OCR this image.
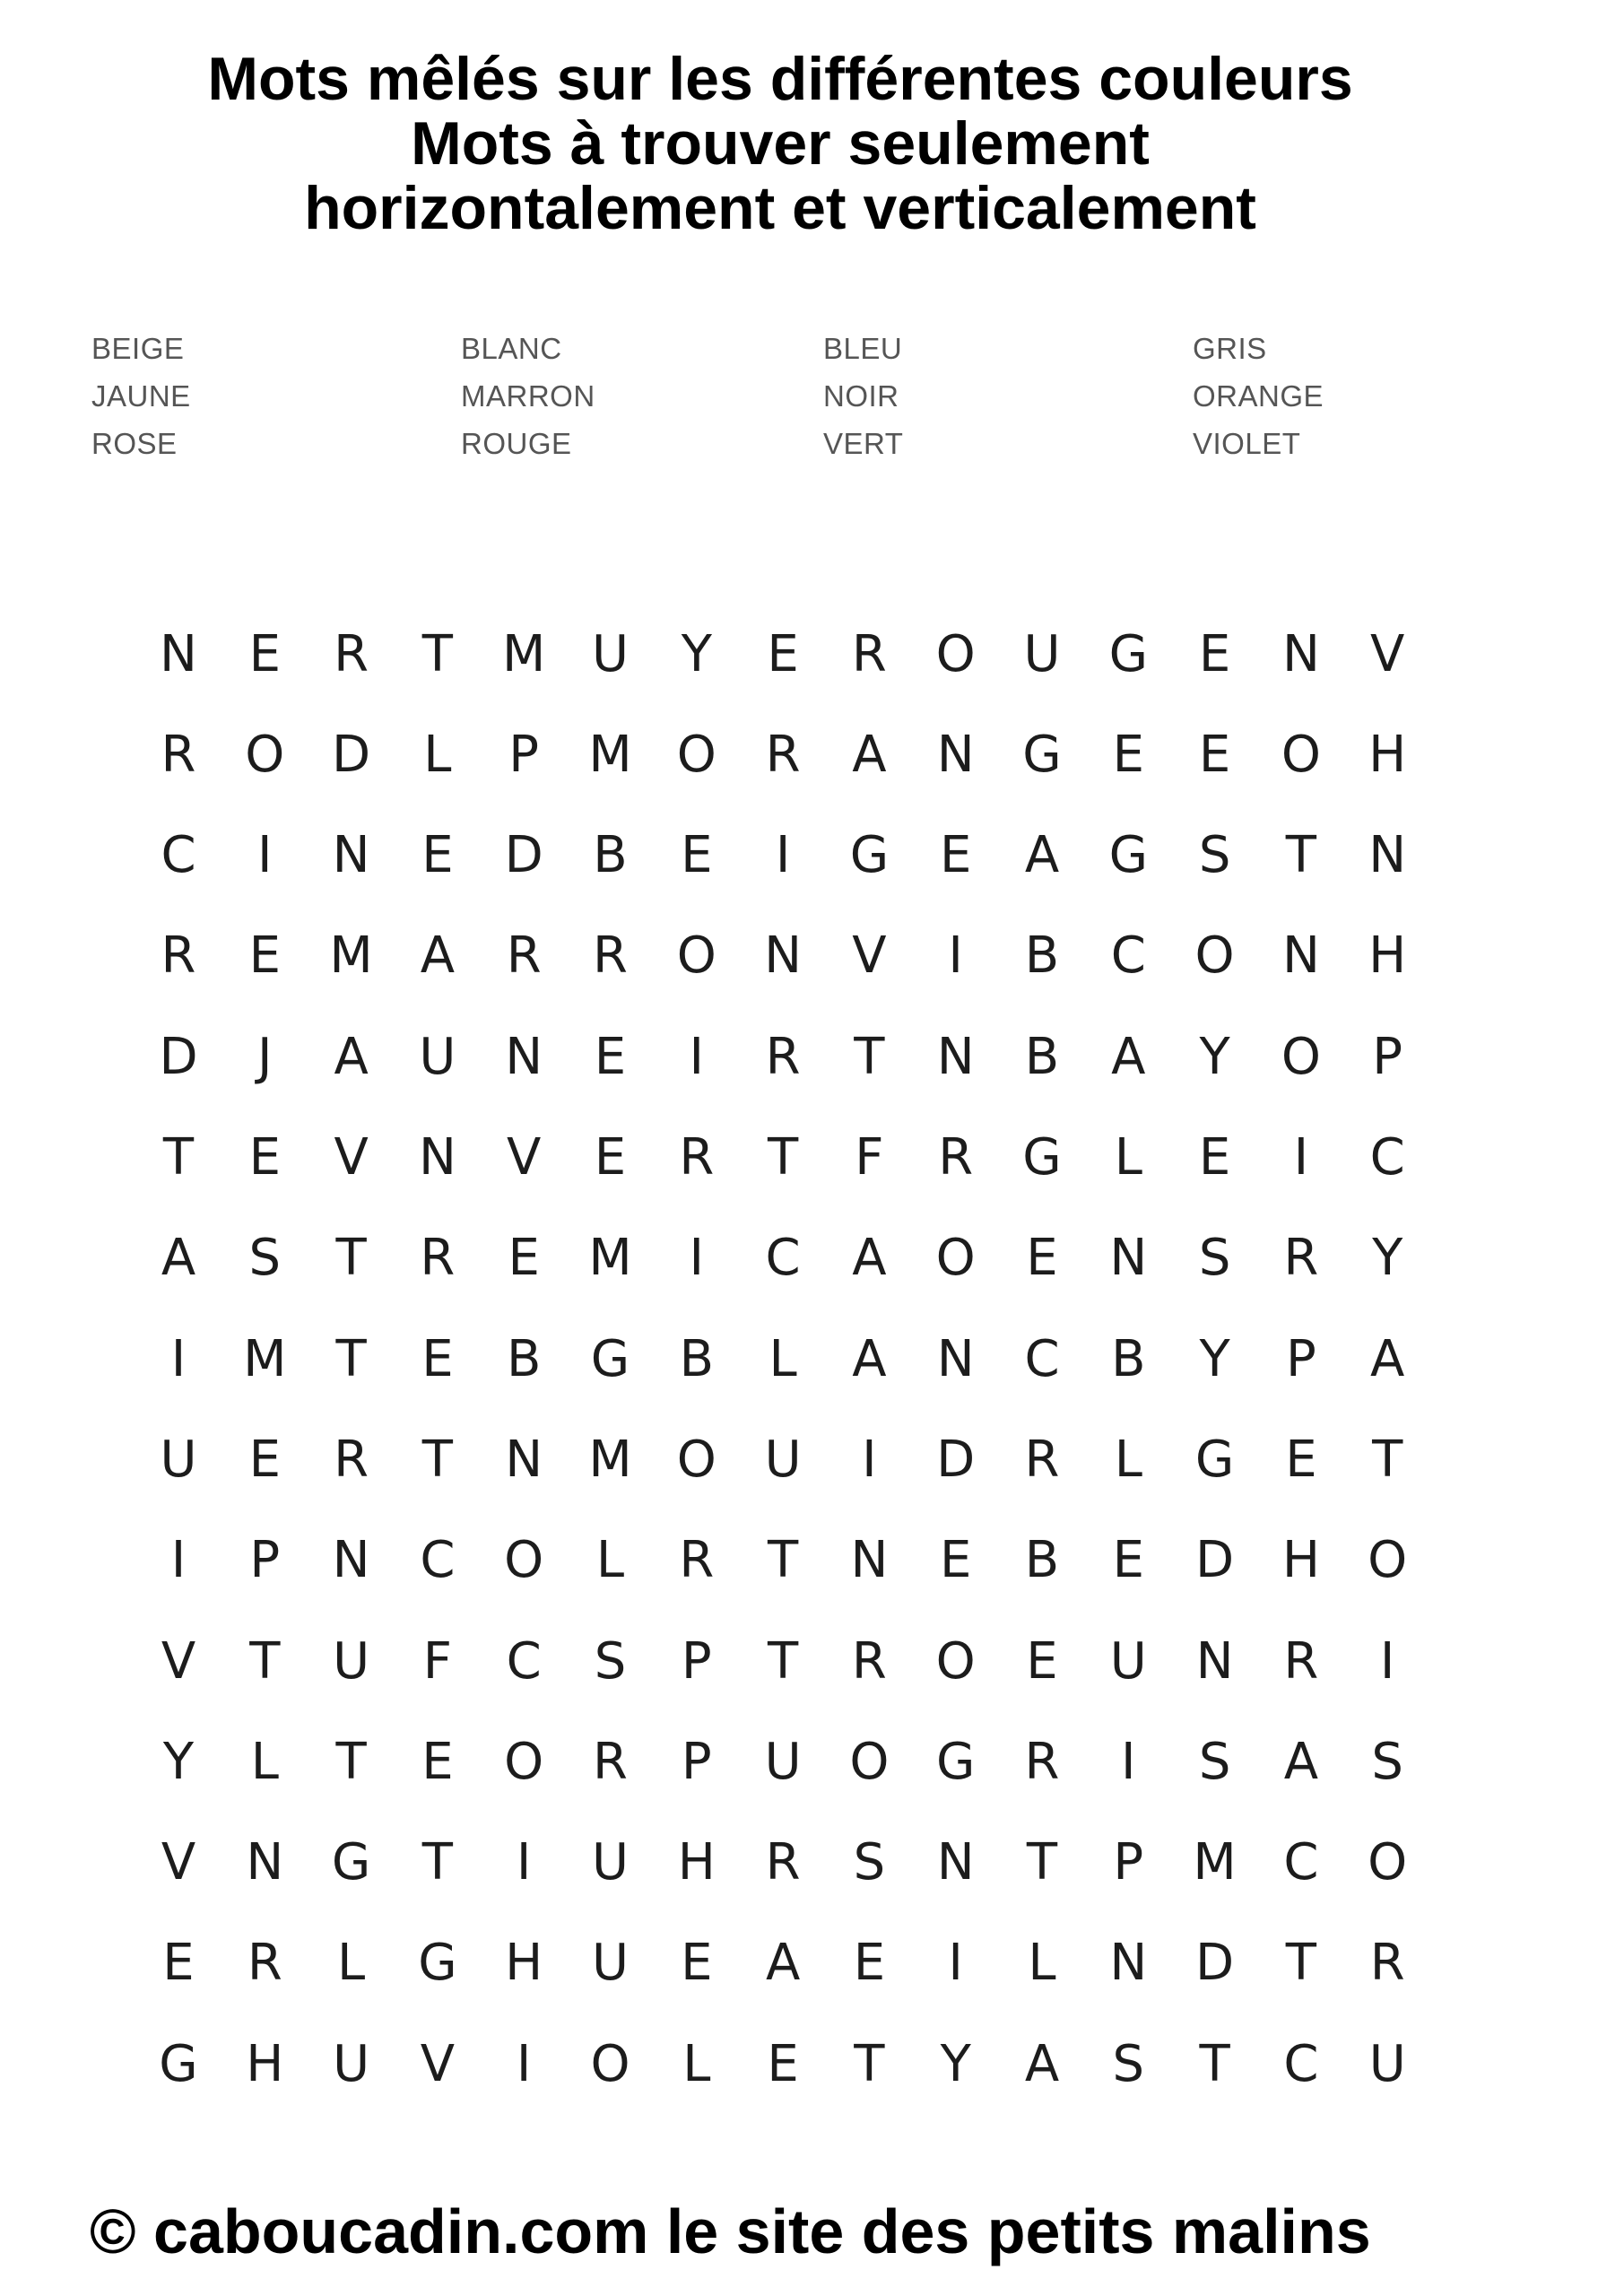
Mots mêlés sur les différentes couleurs
Mots à trouver seulement
horizontalement et verticalement
BEIGE	BLANC	BLEU	GRIS
JAUNE	MARRON	NOIR	ORANGE
ROSE	ROUGE	VERT	VIOLET
N	E	R	T M U	Y	E	R O U G	E	N	V
R O D	L	P M O R	A	N G	E	E	O H
C	I	N	E	D B	E	I	G	E	A G	S	T	N
R	E M A	R	R O N	V	I	B	C O N H
D	J	A	U N	E	I	R	T	N	B	A	Y	O	P
T	E	V	N	V	E	R	T	F	R G	L	E	I	C
A	S	T	R	E M	I	C	A O	E	N	S	R	Y
I	M T	E	B G B	L	A	N C	B	Y	P	A
U	E	R	T	N M O U	I	D R	L	G	E	T
I	P	N C O	L	R	T	N	E	B	E	D H O
V	T	U	F	C	S	P	T	R O	E	U N R	I
Y	L	T	E	O R	P	U O G R	I	S	A	S
V	N G	T	I	U H R	S	N	T	P M C O
E	R	L	G H U	E	A	E	I	L	N D	T	R
G H U	V	I	O	L	E	T	Y	A	S	T	C	U
© caboucadin.com le site des petits malins
